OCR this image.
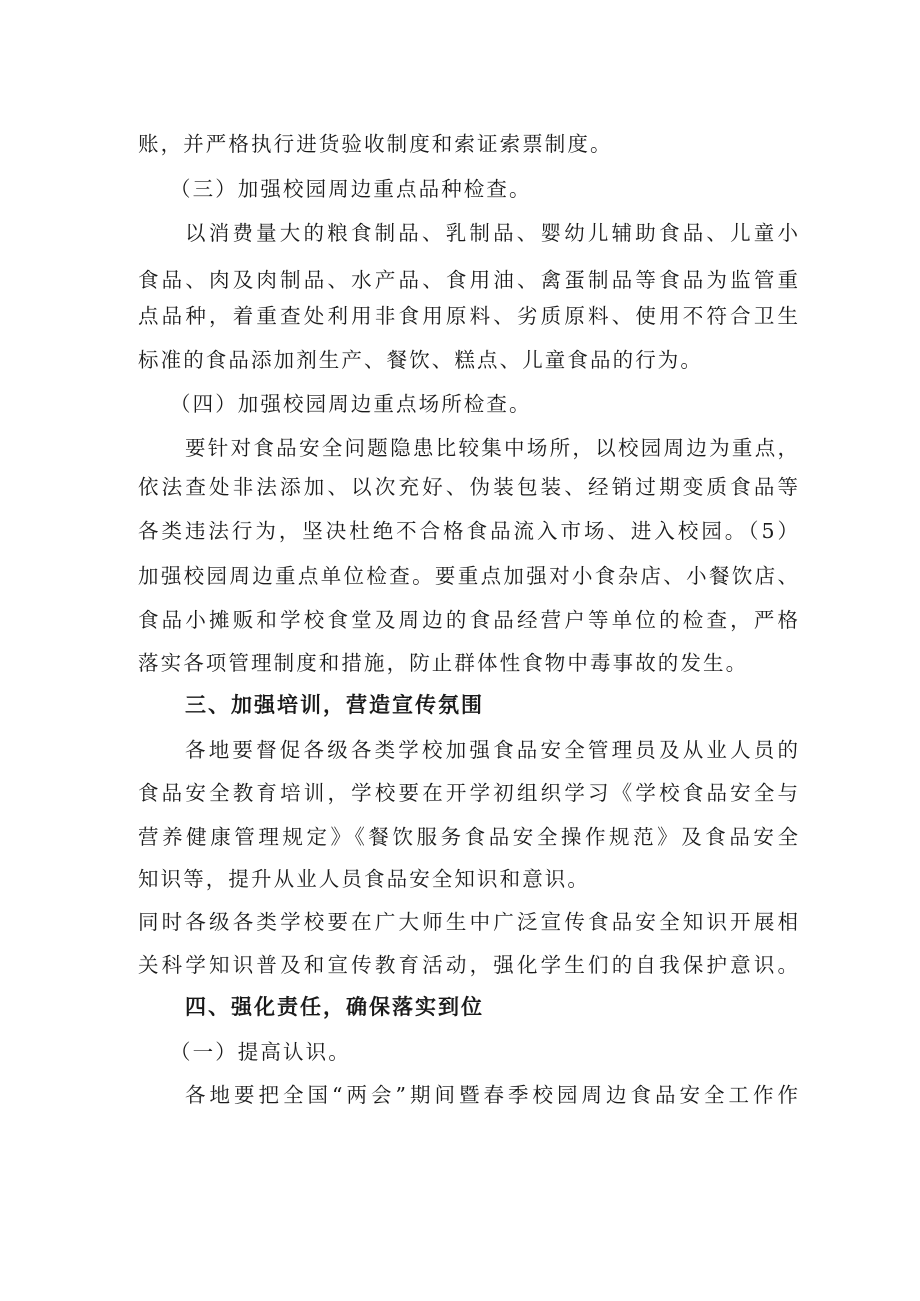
账，并严格执行进货验收制度和索证索票制度。
（三）加强校园周边重点品种检查。
以消费量大的粮食制品、乳制品、婴幼儿辅助食品、儿童小
食品、肉及肉制品、水产品、食用油、禽蛋制品等食品为监管重
点品种，着重查处利用非食用原料、劣质原料、使用不符合卫生
标准的食品添加剂生产、餐饮、糕点、儿童食品的行为。
（四）加强校园周边重点场所检查。
要针对食品安全问题隐患比较集中场所，以校园周边为重点，
依法查处非法添加、以次充好、伪装包装、经销过期变质食品等
各类违法行为，坚决杜绝不合格食品流入市场、进入校园。（5）
加强校园周边重点单位检查。要重点加强对小食杂店、小餐饮店、
食品小摊贩和学校食堂及周边的食品经营户等单位的检查，严格
落实各项管理制度和措施，防止群体性食物中毒事故的发生。
三、加强培训，营造宣传氛围
各地要督促各级各类学校加强食品安全管理员及从业人员的
食品安全教育培训，学校要在开学初组织学习《学校食品安全与
营养健康管理规定》《餐饮服务食品安全操作规范》及食品安全
知识等，提升从业人员食品安全知识和意识。
同时各级各类学校要在广大师生中广泛宣传食品安全知识开展相
关科学知识普及和宣传教育活动，强化学生们的自我保护意识。
四、强化责任，确保落实到位
（一）提高认识。
各地要把全国“两会”期间暨春季校园周边食品安全工作作
